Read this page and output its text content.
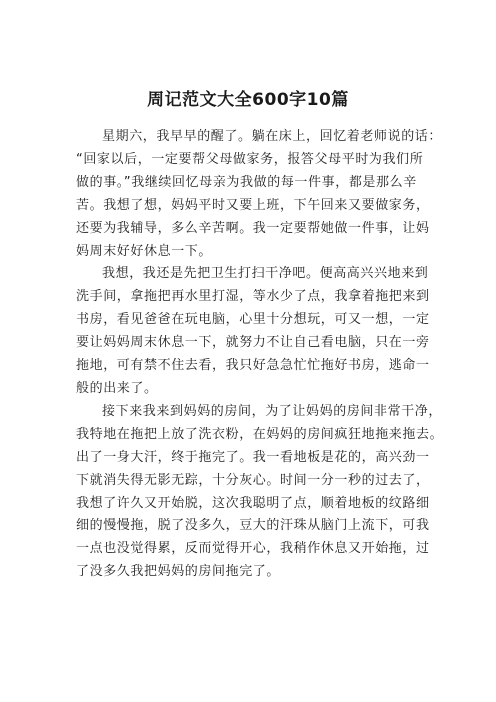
周记范文大全600字10篇
星期六，我早早的醒了。躺在床上，回忆着老师说的话：
“回家以后，一定要帮父母做家务，报答父母平时为我们所
做的事。”我继续回忆母亲为我做的每一件事，都是那么辛
苦。我想了想，妈妈平时又要上班，下午回来又要做家务，
还要为我辅导，多么辛苦啊。我一定要帮她做一件事，让妈
妈周末好好休息一下。
我想，我还是先把卫生打扫干净吧。便高高兴兴地来到
洗手间，拿拖把再水里打湿，等水少了点，我拿着拖把来到
书房，看见爸爸在玩电脑，心里十分想玩，可又一想，一定
要让妈妈周末休息一下，就努力不让自己看电脑，只在一旁
拖地，可有禁不住去看，我只好急急忙忙拖好书房，逃命一
般的出来了。
接下来我来到妈妈的房间，为了让妈妈的房间非常干净，
我特地在拖把上放了洗衣粉，在妈妈的房间疯狂地拖来拖去。
出了一身大汗，终于拖完了。我一看地板是花的，高兴劲一
下就消失得无影无踪，十分灰心。时间一分一秒的过去了，
我想了许久又开始脱，这次我聪明了点，顺着地板的纹路细
细的慢慢拖，脱了没多久，豆大的汗珠从脑门上流下，可我
一点也没觉得累，反而觉得开心，我稍作休息又开始拖，过
了没多久我把妈妈的房间拖完了。
